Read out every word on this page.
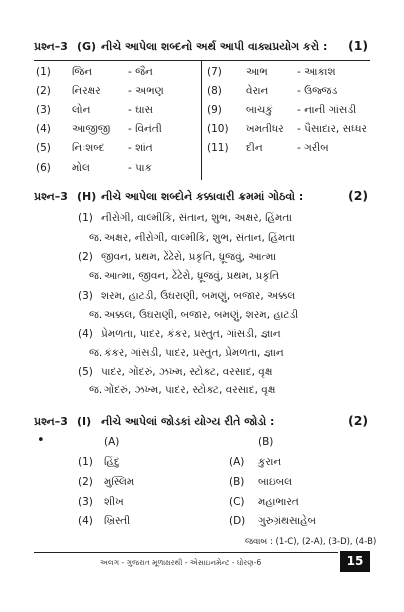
પ્રશ્ન–3 (G) નીચે આપેલા શબ્દનો અર્થ આપી વાક્યપ્રયોગ કરો : (1)
(1) જિન	- જૈન
(2) નિરક્ષર	- અભણ
(3) લોન	- ઘાસ
(4) આજીજી - વિનંતી
(5) નિઃશબ્દ - શાંત
(6) મોલ	- પાક
(7) આભ	- આકાશ
(8) વેરાન	- ઉજ્જડ
(9) બાચકું - નાની ગાંસડી
(10) ખમતીધર - પૈસાદાર, સધ્ધર
(11) દીન	- ગરીબ
પ્રશ્ન–3 (H) નીચે આપેલા શબ્દોને કક્કાવારી ક્રમમાં ગોઠવો :	(2)
(1) નીરોગી, વાલ્મીકિ, સંતાન, શુભ, અક્ષર, હિંમતા
જ. અક્ષર, નીરોગી, વાલ્મીકિ, શુભ, સંતાન, હિંમતા
(2) જીવન, પ્રથમ, ઢેંઢેરો, પ્રકૃતિ, ધ્રૂજવું, આત્મા
જ. આત્મા, જીવન, ઢેંઢેરો, ધ્રૂજવું, પ્રથમ, પ્રકૃતિ
(3) શરમ, હાટડી, ઉઘરાણી, બમણું, બજાર, અક્કલ
જ. અક્કલ, ઉઘરાણી, બજાર, બમણું, શરમ, હાટડી
(4) પ્રેમળતા, પાદર, કંકર, પ્રસ્તુત, ગાંસડી, જ્ઞાન
જ. કંકર, ગાંસડી, પાદર, પ્રસ્તુત, પ્રેમળતા, જ્ઞાન
(5) પાદર, ગોંદરું, ઝખ્મ, સ્ટોક્ટ, વરસાદ, વૃક્ષ
જ. ગોંદરું, ઝખ્મ, પાદર, સ્ટોક્ટ, વરસાદ, વૃક્ષ
પ્રશ્ન–3 (I) નીચે આપેલાં જોડકાં યોગ્ય રીતે જોડો :	(2)
•	(A)	(B)
(1) હિંદુ	(A) કુરાન
(2) મુસ્લિમ	(B) બાઇબલ
(3) શીખ	(C) મહાભારત
(4) ખ્રિસ્તી	(D) ગુરુગ્રંથસાહેબ
જવાબ : (1-C), (2-A), (3-D), (4-B)
અલગ - ગુજરાત મૂળાક્ષરથી - એસાઇનમેન્ટ - ધોરણ-6	15
